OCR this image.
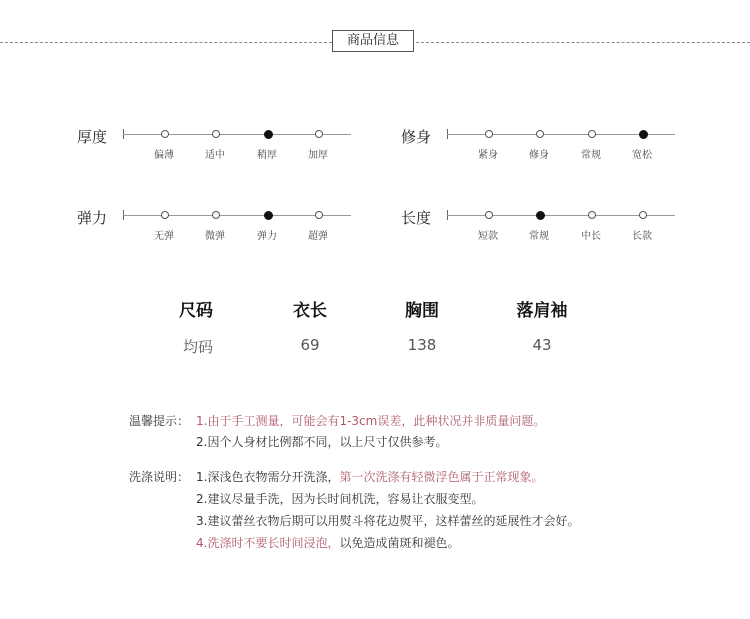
商品信息
厚度
偏薄	适中	稍厚	加厚
修身
紧身	修身	常规	宽松
弹力
无弹	微弹	弹力	超弹
长度
短款	常规	中长	长款
尺码	衣长	胸围	落肩袖
均码	69	138	43
温馨提示： 1.由于手工测量，可能会有1-3cm误差，此种状况并非质量问题。
2.因个人身材比例都不同，以上尺寸仅供参考。
洗涤说明： 1.深浅色衣物需分开洗涤，第一次洗涤有轻微浮色属于正常现象。
2.建议尽量手洗，因为长时间机洗，容易让衣服变型。
3.建议蕾丝衣物后期可以用熨斗将花边熨平，这样蕾丝的延展性才会好。
4.洗涤时不要长时间浸泡，以免造成菌斑和褪色。
